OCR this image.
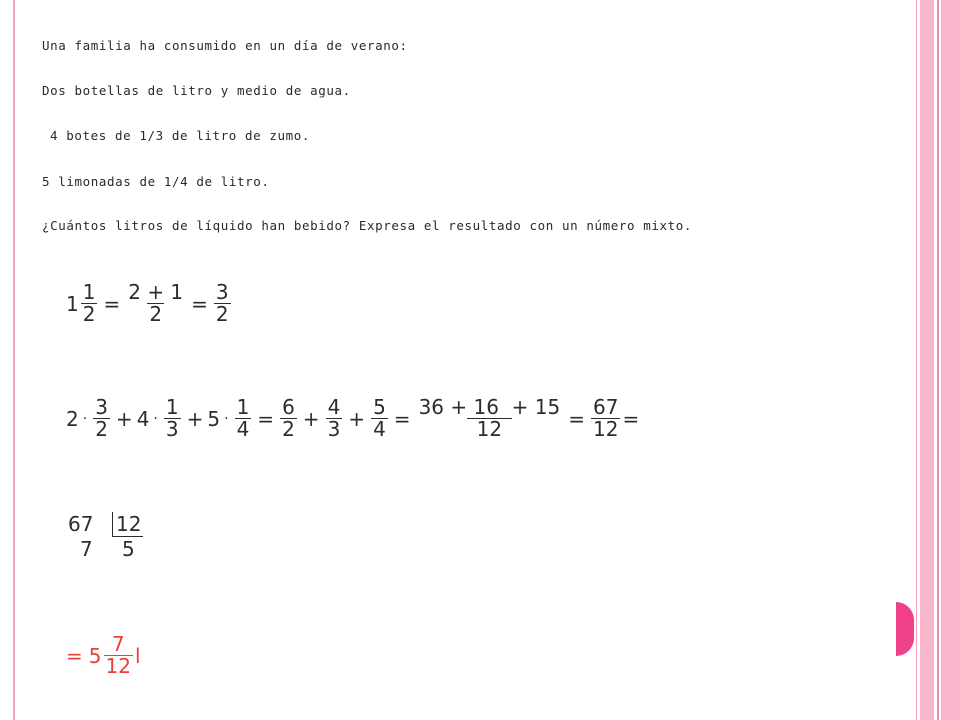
Una familia ha consumido en un día de verano:
Dos botellas de litro y medio de agua.
4 botes de 1/3 de litro de zumo.
5 limonadas de 1/4 de litro.
¿Cuántos litros de líquido han bebido? Expresa el resultado con un número mixto.
$1 \frac{1}{2} = \frac{2 + 1}{2} = \frac{3}{2}$
$2 \cdot \frac{3}{2} + 4 \cdot \frac{1}{3} + 5 \cdot \frac{1}{4} = \frac{6}{2} + \frac{4}{3} + \frac{5}{4} = \frac{36 + 16 + 15}{12} = \frac{67}{12}$ =
67	12
7	5
= $5 \frac{7}{12}$ l
